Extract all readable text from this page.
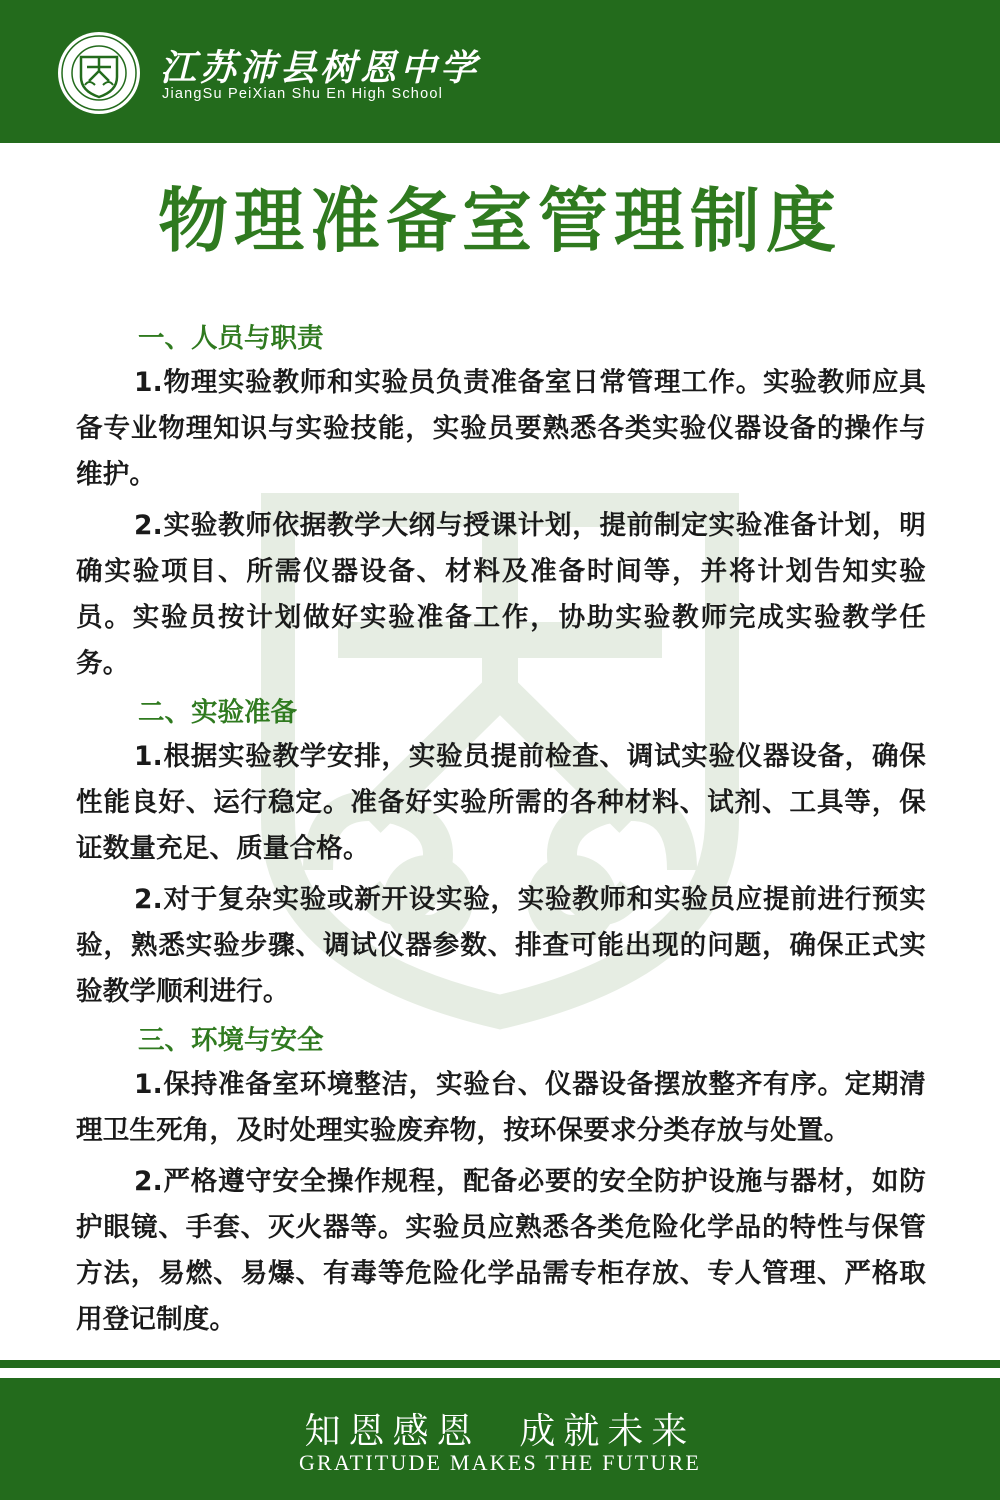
江苏沛县树恩中学
JiangSu PeiXian Shu En High School
物理准备室管理制度

一、人员与职责

1.物理实验教师和实验员负责准备室日常管理工作。实验教师应具备专业物理知识与实验技能，实验员要熟悉各类实验仪器设备的操作与维护。

2.实验教师依据教学大纲与授课计划，提前制定实验准备计划，明确实验项目、所需仪器设备、材料及准备时间等，并将计划告知实验员。实验员按计划做好实验准备工作，协助实验教师完成实验教学任务。

二、实验准备

1.根据实验教学安排，实验员提前检查、调试实验仪器设备，确保性能良好、运行稳定。准备好实验所需的各种材料、试剂、工具等，保证数量充足、质量合格。

2.对于复杂实验或新开设实验，实验教师和实验员应提前进行预实验，熟悉实验步骤、调试仪器参数、排查可能出现的问题，确保正式实验教学顺利进行。

三、环境与安全

1.保持准备室环境整洁，实验台、仪器设备摆放整齐有序。定期清理卫生死角，及时处理实验废弃物，按环保要求分类存放与处置。

2.严格遵守安全操作规程，配备必要的安全防护设施与器材，如防护眼镜、手套、灭火器等。实验员应熟悉各类危险化学品的特性与保管方法，易燃、易爆、有毒等危险化学品需专柜存放、专人管理、严格取用登记制度。

知恩感恩  成就未来
GRATITUDE MAKES THE FUTURE
